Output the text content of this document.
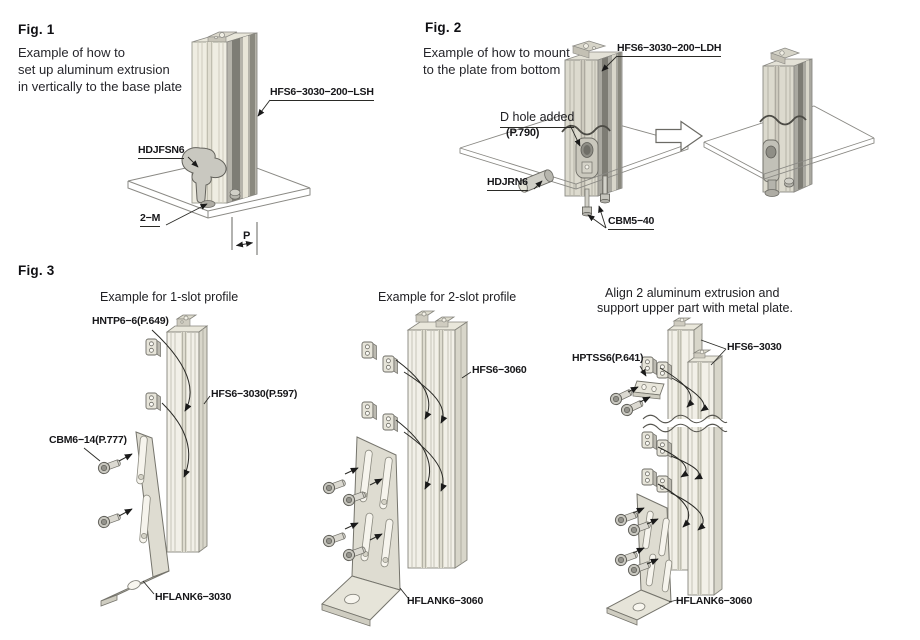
Fig. 1
Example of how to
set up aluminum extrusion
in vertically to the base plate	HFS6−3030−200−LSH
HDJFSN6
2−M
P
Fig. 2
Example of how to mount
to the plate from bottom
HFS6−3030−200−LDH
D hole added
(P.790)
HDJRN6
CBM5−40
Fig. 3
Example for 1-slot profile
HNTP6−6(P.649)
HFS6−3030(P.597)
CBM6−14(P.777)
HFLANK6−3030
Example for 2-slot profile
HFS6−3060
HFLANK6−3060
Align 2 aluminum extrusion and
support upper part with metal plate.
HFS6−3030
HPTSS6(P.641)
HFLANK6−3060
